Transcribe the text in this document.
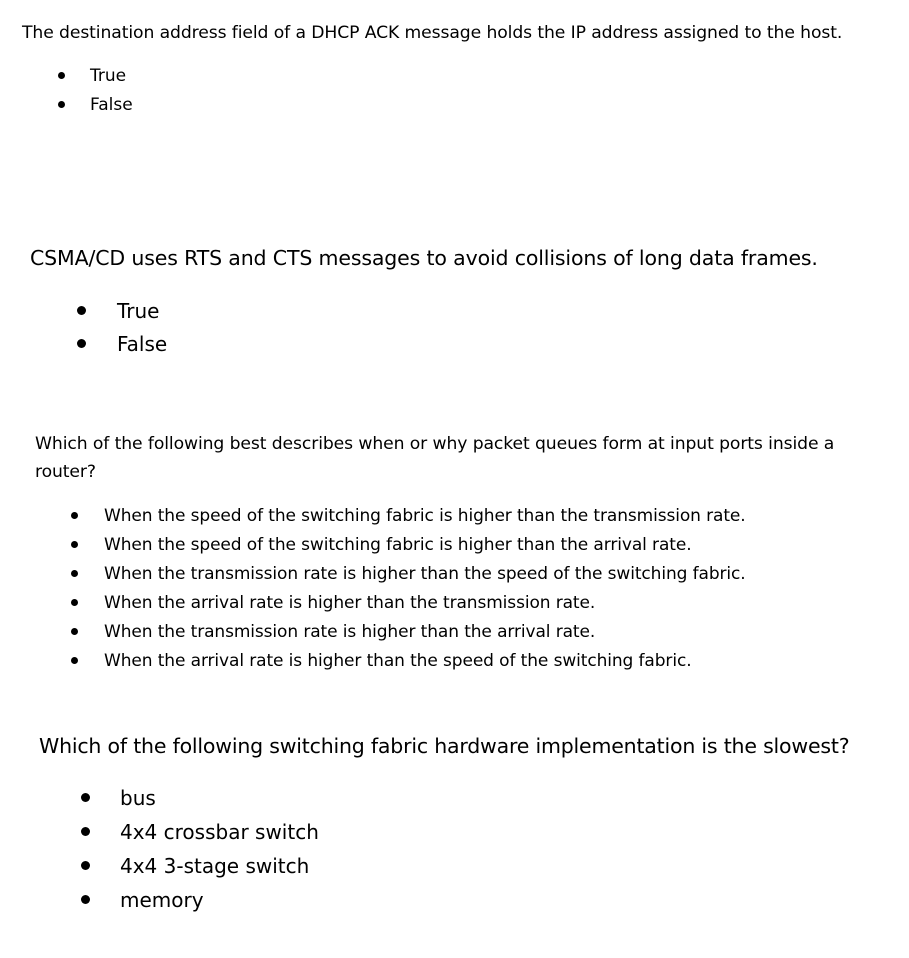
The destination address field of a DHCP ACK message holds the IP address assigned to the host.

True
False

CSMA/CD uses RTS and CTS messages to avoid collisions of long data frames.

True
False

Which of the following best describes when or why packet queues form at input ports inside a router?

When the speed of the switching fabric is higher than the transmission rate.
When the speed of the switching fabric is higher than the arrival rate.
When the transmission rate is higher than the speed of the switching fabric.
When the arrival rate is higher than the transmission rate.
When the transmission rate is higher than the arrival rate.
When the arrival rate is higher than the speed of the switching fabric.

Which of the following switching fabric hardware implementation is the slowest?

bus
4x4 crossbar switch
4x4 3-stage switch
memory
